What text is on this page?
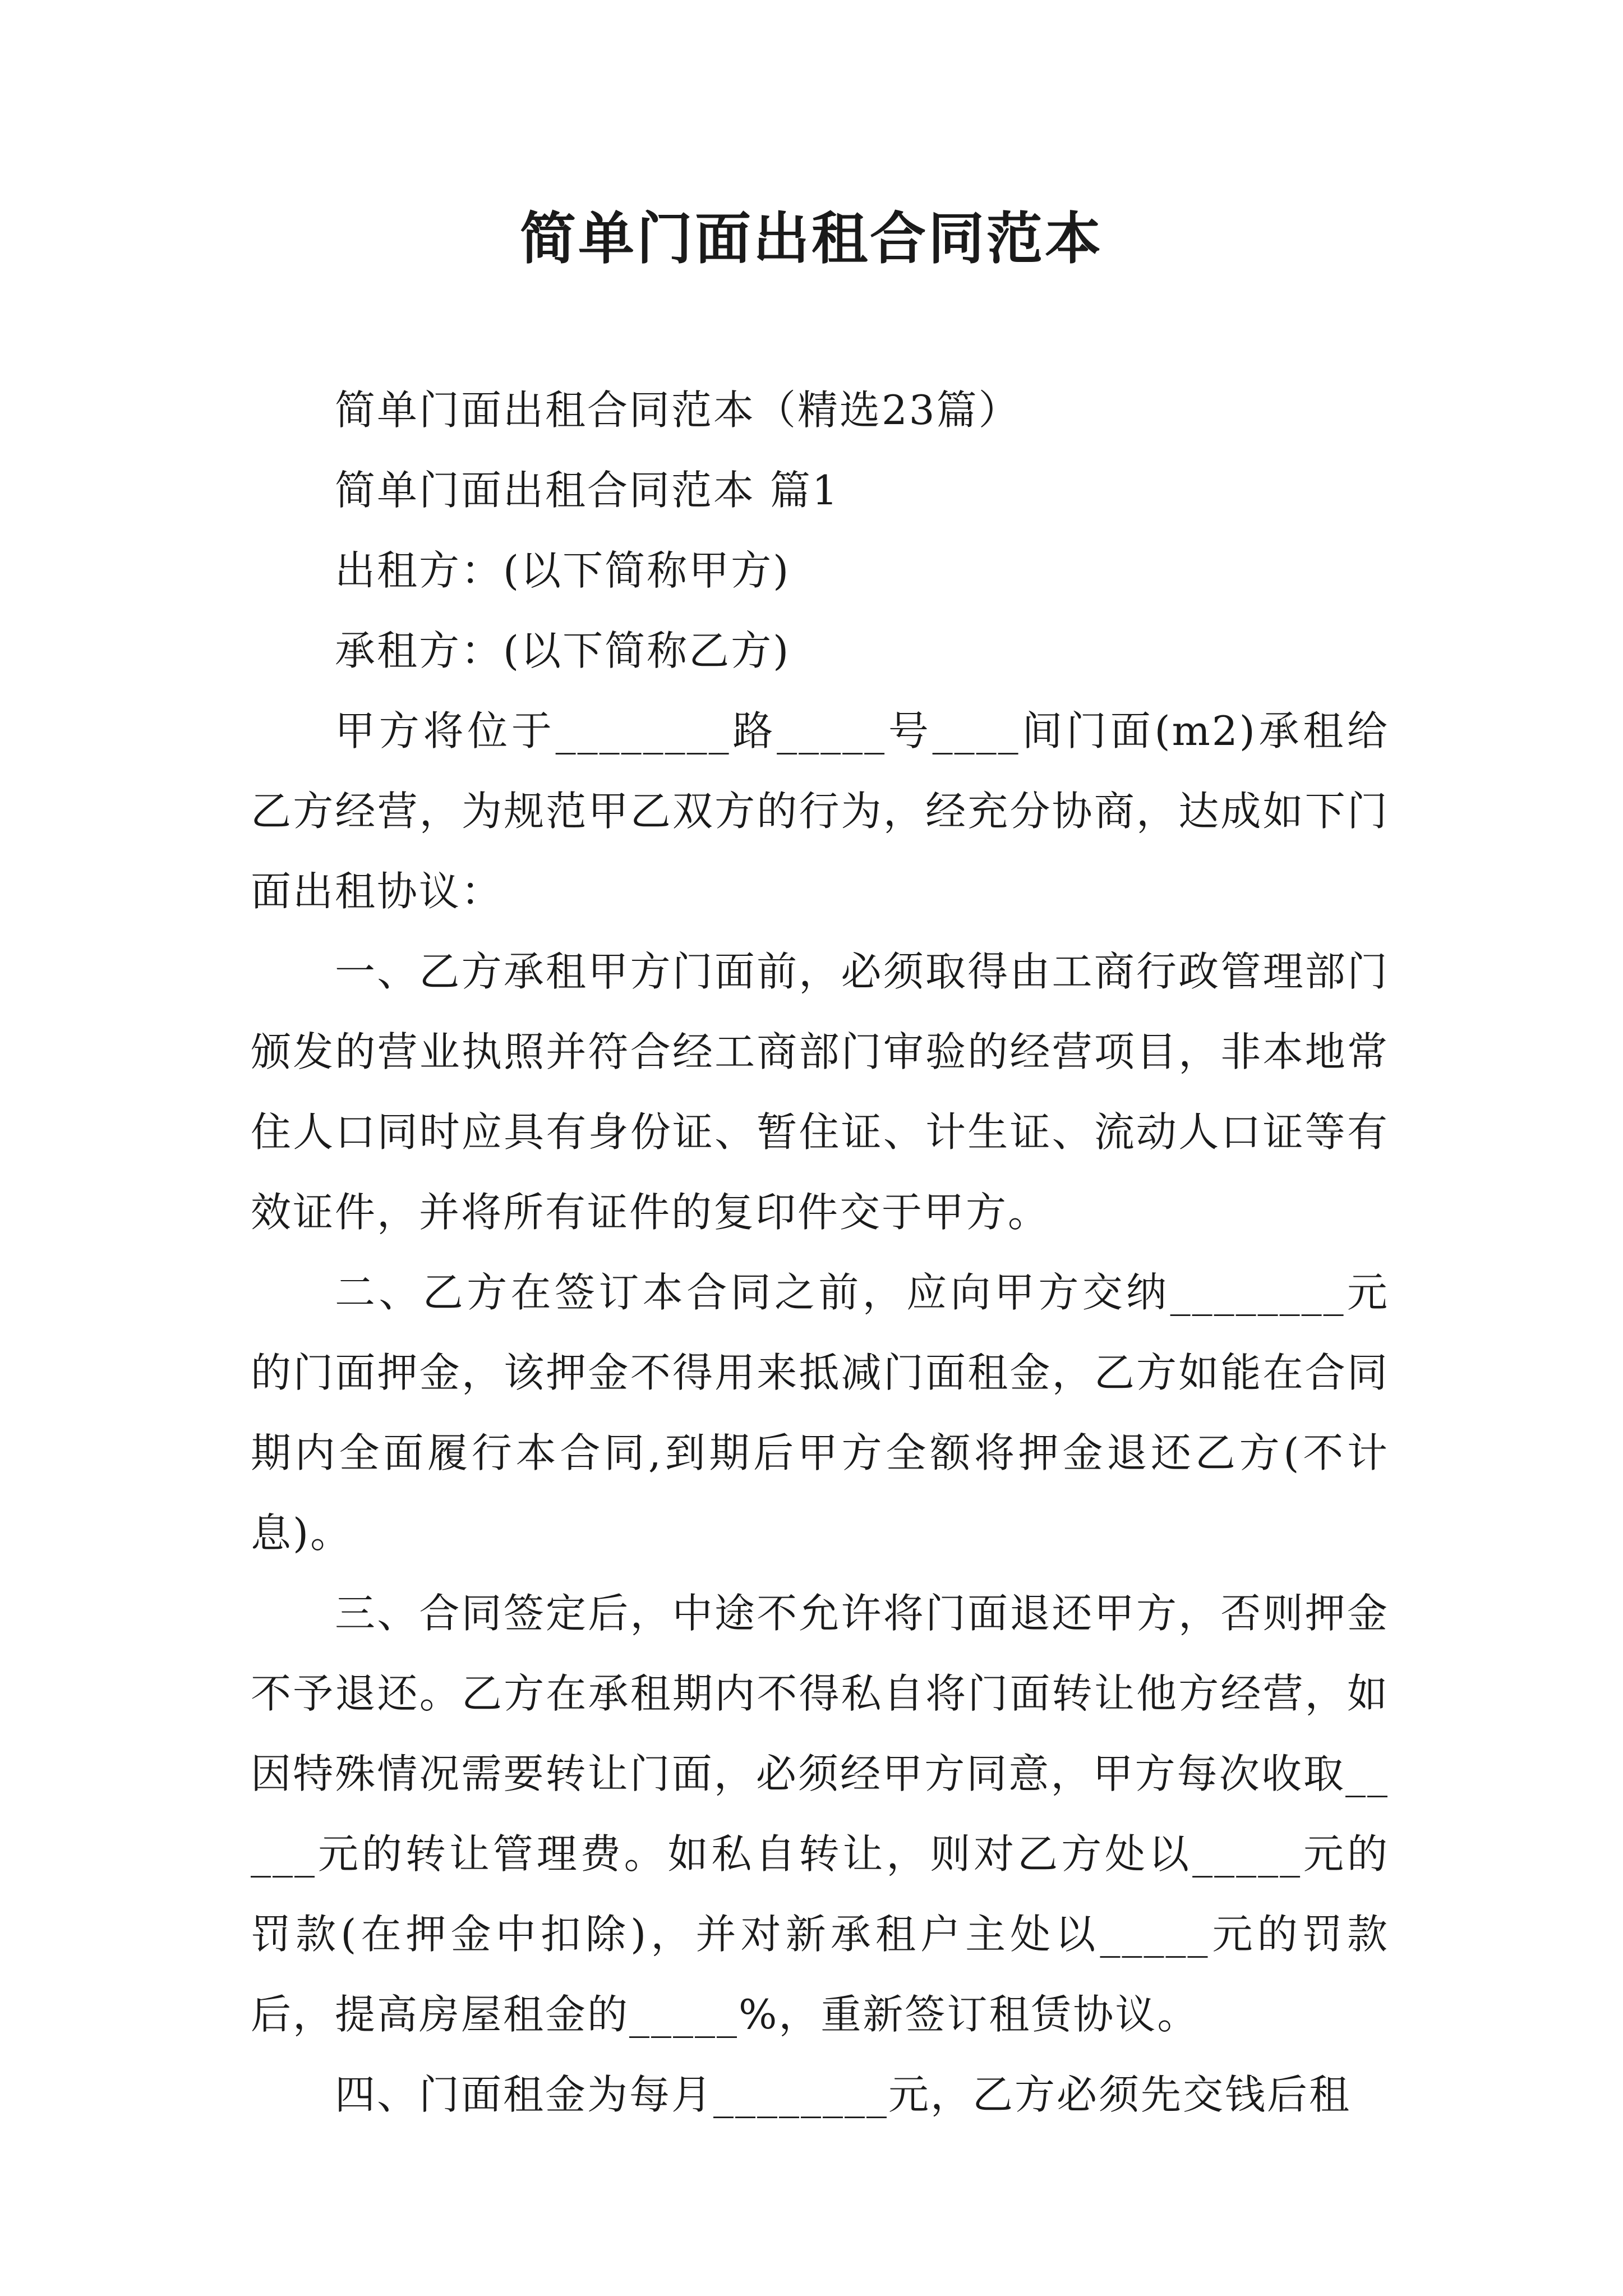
简单门面出租合同范本

简单门面出租合同范本（精选23篇）

简单门面出租合同范本 篇1

出租方：(以下简称甲方)

承租方：(以下简称乙方)

甲方将位于________路_____号____间门面(m2)承租给乙方经营，为规范甲乙双方的行为，经充分协商，达成如下门面出租协议：

一、乙方承租甲方门面前，必须取得由工商行政管理部门颁发的营业执照并符合经工商部门审验的经营项目，非本地常住人口同时应具有身份证、暂住证、计生证、流动人口证等有效证件，并将所有证件的复印件交于甲方。

二、乙方在签订本合同之前，应向甲方交纳________元的门面押金，该押金不得用来抵减门面租金，乙方如能在合同期内全面履行本合同,到期后甲方全额将押金退还乙方(不计息)。

三、合同签定后，中途不允许将门面退还甲方，否则押金不予退还。乙方在承租期内不得私自将门面转让他方经营，如因特殊情况需要转让门面，必须经甲方同意，甲方每次收取_____元的转让管理费。如私自转让，则对乙方处以_____元的罚款(在押金中扣除)，并对新承租户主处以_____元的罚款后，提高房屋租金的_____%，重新签订租赁协议。

四、门面租金为每月________元，乙方必须先交钱后租
